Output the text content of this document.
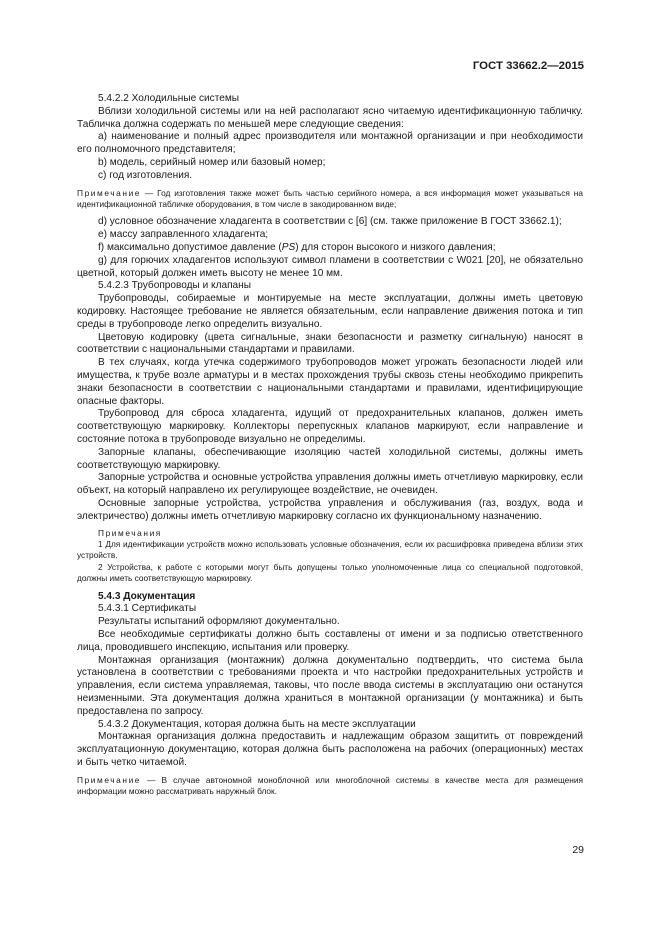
ГОСТ 33662.2—2015

5.4.2.2 Холодильные системы

Вблизи холодильной системы или на ней располагают ясно читаемую идентификационную табличку. Табличка должна содержать по меньшей мере следующие сведения:

a) наименование и полный адрес производителя или монтажной организации и при необходимости его полномочного представителя;

b) модель, серийный номер или базовый номер;

c) год изготовления.

Примечание — Год изготовления также может быть частью серийного номера, а вся информация может указываться на идентификационной табличке оборудования, в том числе в закодированном виде;

d) условное обозначение хладагента в соответствии с [6] (см. также приложение В ГОСТ 33662.1);

e) массу заправленного хладагента;

f) максимально допустимое давление (PS) для сторон высокого и низкого давления;

g) для горючих хладагентов используют символ пламени в соответствии с W021 [20], не обязательно цветной, который должен иметь высоту не менее 10 мм.

5.4.2.3 Трубопроводы и клапаны

Трубопроводы, собираемые и монтируемые на месте эксплуатации, должны иметь цветовую кодировку. Настоящее требование не является обязательным, если направление движения потока и тип среды в трубопроводе легко определить визуально.

Цветовую кодировку (цвета сигнальные, знаки безопасности и разметку сигнальную) наносят в соответствии с национальными стандартами и правилами.

В тех случаях, когда утечка содержимого трубопроводов может угрожать безопасности людей или имущества, к трубе возле арматуры и в местах прохождения трубы сквозь стены необходимо прикрепить знаки безопасности в соответствии с национальными стандартами и правилами, идентифицирующие опасные факторы.

Трубопровод для сброса хладагента, идущий от предохранительных клапанов, должен иметь соответствующую маркировку. Коллекторы перепускных клапанов маркируют, если направление и состояние потока в трубопроводе визуально не определимы.

Запорные клапаны, обеспечивающие изоляцию частей холодильной системы, должны иметь соответствующую маркировку.

Запорные устройства и основные устройства управления должны иметь отчетливую маркировку, если объект, на который направлено их регулирующее воздействие, не очевиден.

Основные запорные устройства, устройства управления и обслуживания (газ, воздух, вода и электричество) должны иметь отчетливую маркировку согласно их функциональному назначению.

Примечания

1 Для идентификации устройств можно использовать условные обозначения, если их расшифровка приведена вблизи этих устройств.

2 Устройства, к работе с которыми могут быть допущены только уполномоченные лица со специальной подготовкой, должны иметь соответствующую маркировку.

5.4.3 Документация

5.4.3.1 Сертификаты

Результаты испытаний оформляют документально.

Все необходимые сертификаты должно быть составлены от имени и за подписью ответственного лица, проводившего инспекцию, испытания или проверку.

Монтажная организация (монтажник) должна документально подтвердить, что система была установлена в соответствии с требованиями проекта и что настройки предохранительных устройств и управления, если система управляемая, таковы, что после ввода системы в эксплуатацию они останутся неизменными. Эта документация должна храниться в монтажной организации (у монтажника) и быть предоставлена по запросу.

5.4.3.2 Документация, которая должна быть на месте эксплуатации

Монтажная организация должна предоставить и надлежащим образом защитить от повреждений эксплуатационную документацию, которая должна быть расположена на рабочих (операционных) местах и быть четко читаемой.

Примечание — В случае автономной моноблочной или многоблочной системы в качестве места для размещения информации можно рассматривать наружный блок.

29
